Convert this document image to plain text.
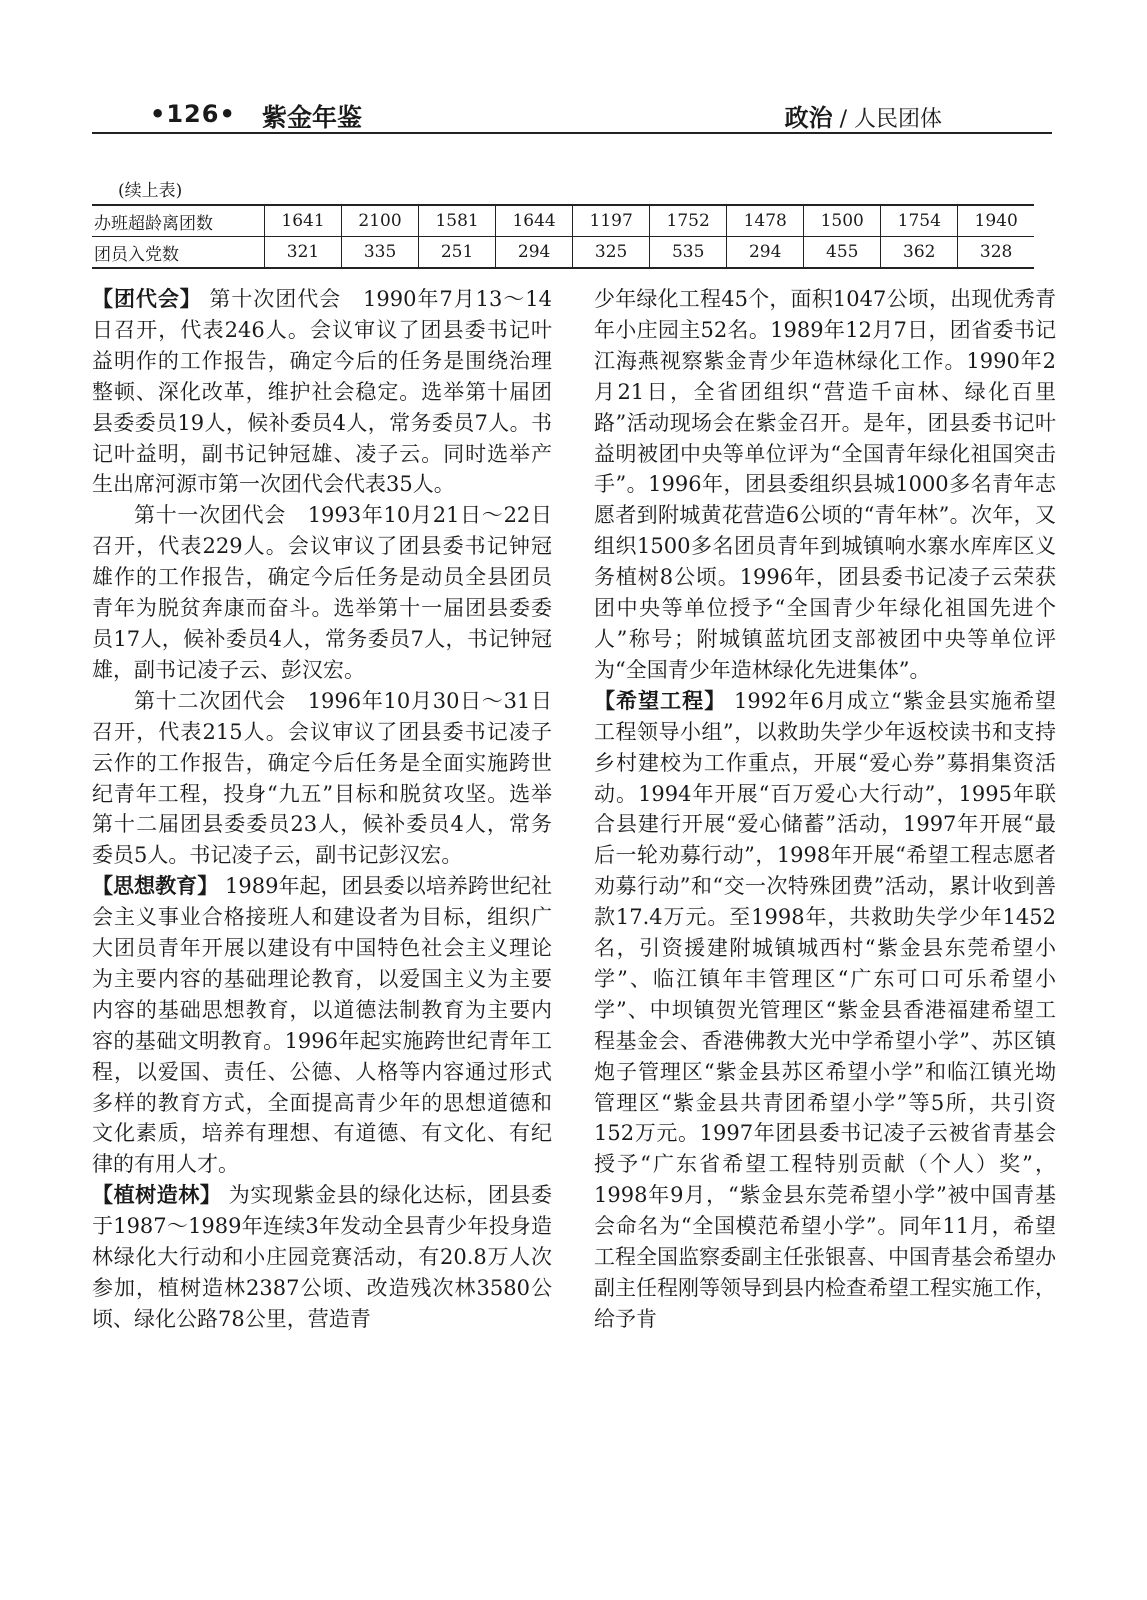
•126• 紫金年鉴	政治 / 人民团体
(续上表)
办班超龄离团数	1641	2100	1581	1644	1197	1752	1478	1500	1754	1940
团员入党数	321	335	251	294	325	535	294	455	362	328

【团代会】 第十次团代会　1990年7月13～14日召开，代表246人。会议审议了团县委书记叶益明作的工作报告，确定今后的任务是围绕治理整顿、深化改革，维护社会稳定。选举第十届团县委委员19人，候补委员4人，常务委员7人。书记叶益明，副书记钟冠雄、凌子云。同时选举产生出席河源市第一次团代会代表35人。

第十一次团代会　1993年10月21日～22日召开，代表229人。会议审议了团县委书记钟冠雄作的工作报告，确定今后任务是动员全县团员青年为脱贫奔康而奋斗。选举第十一届团县委委员17人，候补委员4人，常务委员7人，书记钟冠雄，副书记凌子云、彭汉宏。

第十二次团代会　1996年10月30日～31日召开，代表215人。会议审议了团县委书记凌子云作的工作报告，确定今后任务是全面实施跨世纪青年工程，投身“九五”目标和脱贫攻坚。选举第十二届团县委委员23人，候补委员4人，常务委员5人。书记凌子云，副书记彭汉宏。

【思想教育】 1989年起，团县委以培养跨世纪社会主义事业合格接班人和建设者为目标，组织广大团员青年开展以建设有中国特色社会主义理论为主要内容的基础理论教育，以爱国主义为主要内容的基础思想教育，以道德法制教育为主要内容的基础文明教育。1996年起实施跨世纪青年工程，以爱国、责任、公德、人格等内容通过形式多样的教育方式，全面提高青少年的思想道德和文化素质，培养有理想、有道德、有文化、有纪律的有用人才。

【植树造林】 为实现紫金县的绿化达标，团县委于1987～1989年连续3年发动全县青少年投身造林绿化大行动和小庄园竞赛活动，有20.8万人次参加，植树造林2387公顷、改造残次林3580公顷、绿化公路78公里，营造青

少年绿化工程45个，面积1047公顷，出现优秀青年小庄园主52名。1989年12月7日，团省委书记江海燕视察紫金青少年造林绿化工作。1990年2月21日，全省团组织“营造千亩林、绿化百里路”活动现场会在紫金召开。是年，团县委书记叶益明被团中央等单位评为“全国青年绿化祖国突击手”。1996年，团县委组织县城1000多名青年志愿者到附城黄花营造6公顷的“青年林”。次年，又组织1500多名团员青年到城镇响水寨水库库区义务植树8公顷。1996年，团县委书记凌子云荣获团中央等单位授予“全国青少年绿化祖国先进个人”称号；附城镇蓝坑团支部被团中央等单位评为“全国青少年造林绿化先进集体”。

【希望工程】 1992年6月成立“紫金县实施希望工程领导小组”，以救助失学少年返校读书和支持乡村建校为工作重点，开展“爱心券”募捐集资活动。1994年开展“百万爱心大行动”，1995年联合县建行开展“爱心储蓄”活动，1997年开展“最后一轮劝募行动”，1998年开展“希望工程志愿者劝募行动”和“交一次特殊团费”活动，累计收到善款17.4万元。至1998年，共救助失学少年1452名，引资援建附城镇城西村“紫金县东莞希望小学”、临江镇年丰管理区“广东可口可乐希望小学”、中坝镇贺光管理区“紫金县香港福建希望工程基金会、香港佛教大光中学希望小学”、苏区镇炮子管理区“紫金县苏区希望小学”和临江镇光坳管理区“紫金县共青团希望小学”等5所，共引资152万元。1997年团县委书记凌子云被省青基会授予“广东省希望工程特别贡献（个人）奖”，1998年9月，“紫金县东莞希望小学”被中国青基会命名为“全国模范希望小学”。同年11月，希望工程全国监察委副主任张银喜、中国青基会希望办副主任程刚等领导到县内检查希望工程实施工作，给予肯
